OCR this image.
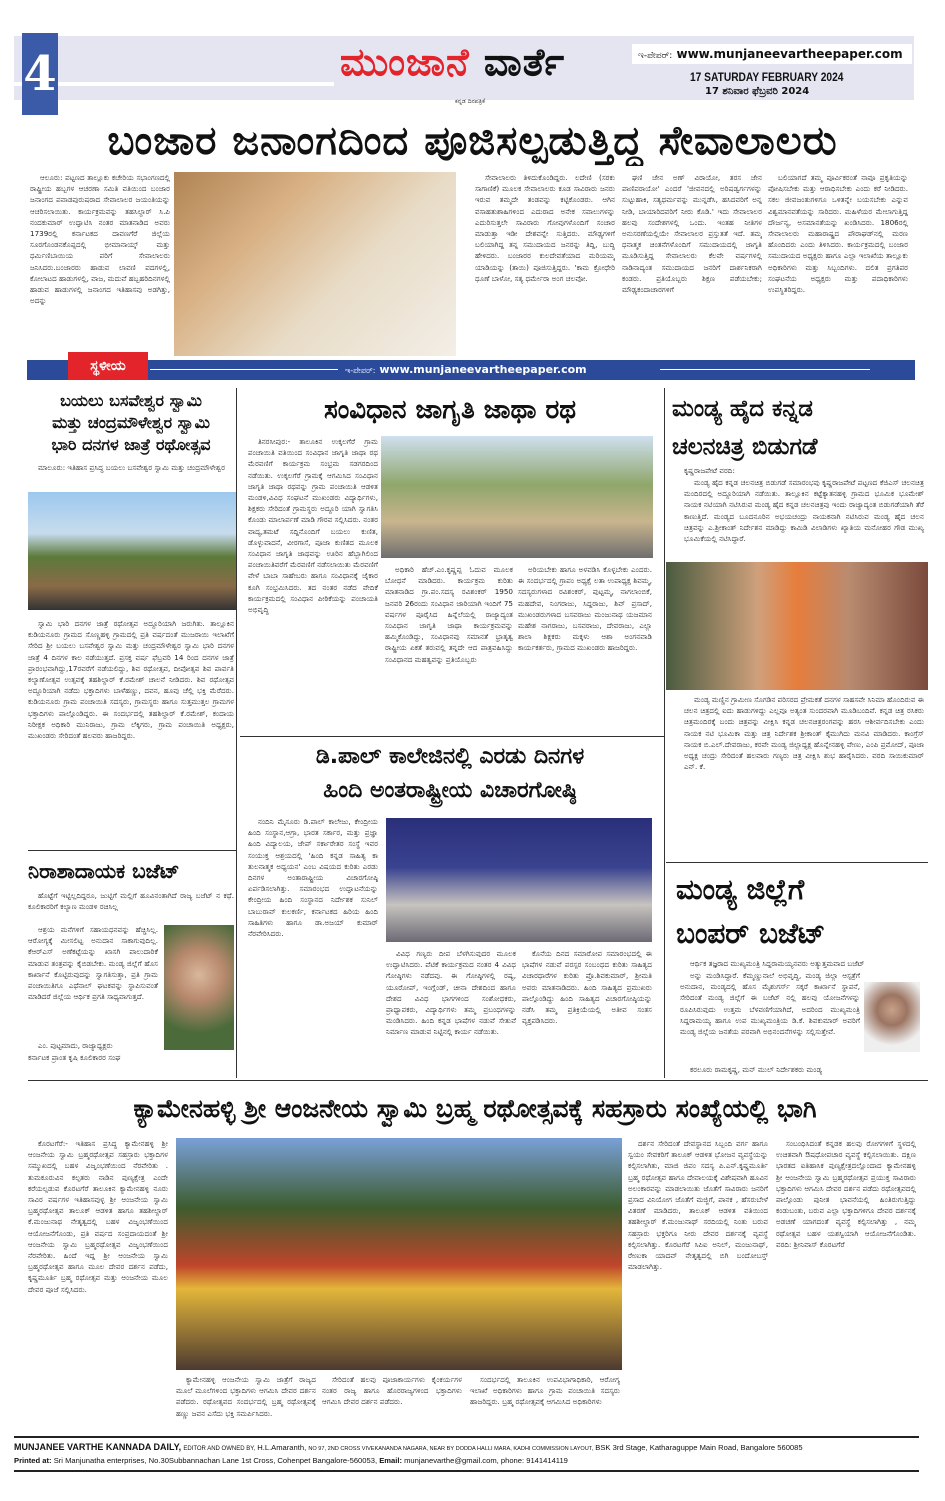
4	ಮುಂಜಾನೆ ವಾರ್ತೆ
ಕನ್ನಡ ದಿನಪತ್ರಿಕೆ
ಇ-ಪೇಪರ್: www.munjaneevartheepaper.com
17 SATURDAY FEBRUARY 2024
17 ಶನಿವಾರ ಫೆಬ್ರವರಿ 2024
ಬಂಜಾರ ಜನಾಂಗದಿಂದ ಪೂಜಿಸಲ್ಪಡುತ್ತಿದ್ದ ಸೇವಾಲಾಲರು

ಆಲೂರು: ಪಟ್ಟಣದ ತಾಲ್ಲೂಕು ಕಚೇರಿಯ ಸಭಾಂಗಣದಲ್ಲಿ ರಾಷ್ಟ್ರೀಯ ಹಬ್ಬಗಳ ಆಚರಣಾ ಸಮಿತಿ ವತಿಯಿಂದ ಬಂಜಾರ ಜನಾಂಗದ ಪವಾಡಪುರುಷರಾದ ಸೇವಾಲಾಲರ ಜಯಂತಿಯನ್ನು ಆಚರಿಸಲಾಯಿತು. ಕಾರ್ಯಕ್ರಮವನ್ನು ತಹಸಿಲ್ದಾರ್ ಸಿ.ಪಿ ನಂದಕುಮಾರ್ ಉದ್ಘಾಟಿಸಿ ನಂತರ ಮಾತನಾಡಿದ ಅವರು 1739ರಲ್ಲಿ ಕರ್ನಾಟಕದ ದಾವಣಗೆರೆ ಜಿಲ್ಲೆಯ ಸೂರಗೊಂಡನಕೊಪ್ಪದಲ್ಲಿ ಭೀಮಾನಾಯ್ಕ್ ಮತ್ತು ಧರ್ಮಿಣಿಬಾಯಿಯ ಪರಿಗೆ ಸೇವಾಲಾಲರು ಜನಿಸಿದರು.ಬಂಜಾರರು ಹಾಡುವ ಲಾವಣಿ ಪದಗಳಲ್ಲಿ, ಕೋಲಾಟದ ಹಾಡುಗಳಲ್ಲಿ, ವಾಜ, ಮದುವೆ ಹಬ್ಬಹರಿದಿನಗಳಲ್ಲಿ ಹಾಡುವ ಹಾಡುಗಳಲ್ಲಿ ಜನಾಂಗದ ಇತಿಹಾಸವು ಅಡಗಿತ್ತು, ಅದನ್ನು

ಸೇವಾಲಾಲರು ತಿಳಿದುಕೊಂಡಿದ್ದರು. ಲದೇಣಿ (ಸರಕು ಸಾಗಾಣಿಕೆ) ಮೂಲಕ ಸೇವಾಲಾಲರು ಕೂಡ ಸಾವಿರಾರು ಜನರು ಇರುವ ತಮ್ಮದೇ ತಂಡವನ್ನು ಕಟ್ಟಿಕೊಂಡರು. ಆಗಿನ ವಸಾಹತುಶಾಹಿಗಳಿಂದ ಎದುರಾದ ಅನೇಕ ಸವಾಲುಗಳನ್ನು ಎದುರಿಸುತ್ತಲೇ ಸಾವಿರಾರು ಗೋವುಗಳೊಂದಿಗೆ ಸಂಚಾರ ಮಾಡುತ್ತಾ ಇಡೀ ದೇಶವನ್ನೇ ಸುತ್ತಿದರು. ಮೌಢ್ಯಗಳಿಗೆ ಬಲಿಯಾಗಿದ್ದ ತನ್ನ ಸಮುದಾಯದ ಜನರನ್ನು ತಿದ್ದಿ, ಬುದ್ಧಿ ಹೇಳಿದರು. ಬಂಜಾರರ ಕುಲದೇವತೆಯಾದ ಮರಿಯಮ್ಮ ಯಾಡಿಯನ್ನು (ತಾಯಿ) ಪೂಜಿಸುತ್ತಿದ್ದರು. 'ಕಾಮ ಕ್ರೋಧೇರಿ ಧೂಣೆ ಬಾಳೋ, ಸತ್ಯ ಧರ್ಮೇರಾ ಅಂಗ ಚಲವೋ.

ಘಣಿ ಜೇನ ಅಣ್ ವಿರಾಯೋ, ತರಸ ಜೇನ ಪಾಣಿಪರಾಯೋ' ಎಂದರೆ 'ಜೀವನದಲ್ಲಿ ಅರಿಷಡ್ವರ್ಗಗಳನ್ನು ಸುಟ್ಟುಹಾಕಿ, ಸತ್ಯಧರ್ಮವನ್ನು ಮುನ್ನಡೆಸಿ, ಹಸಿದವರಿಗೆ ಅನ್ನ ನೀಡಿ, ಬಾಯಾರಿದವರಿಗೆ ನೀರು ಕೊಡಿ.' ಇದು ಸೇವಾಲಾಲರ ಹಲವು ಸಂದೇಶಗಳಲ್ಲಿ ಒಂದು. ಇಂತಹ ನೀತಿಗಳ ಅನುಸರಣೆಯಲ್ಲಿಯೇ ಸೇವಾಲಾಲರ ಪ್ರಸ್ತುತತೆ ಇದೆ. ತಮ್ಮ ಧನಾತ್ಮಕ ಚಿಂತನೆಗಳೊಂದಿಗೆ ಸಮುದಾಯದಲ್ಲಿ ಜಾಗೃತಿ ಮೂಡಿಸುತ್ತಿದ್ದ ಸೇವಾಲಾಲರು ಕೆಲವೇ ವರ್ಷಗಳಲ್ಲಿ ನಾಡಿನಾದ್ಯಂತ ಸಮುದಾಯದ ಜನರಿಗೆ ದಾರ್ಶನಿಕರಾಗಿ ಕಂಡರು. ಪ್ರತಿಯೊಬ್ಬರು ಶಿಕ್ಷಣ ಪಡೆಯಬೇಕು; ಮೌಢ್ಯಕಂದಾಚಾರಗಳಿಗೆ

ಬಲಿಯಾಗದೆ ತಮ್ಮ ಪೂರ್ವಿಕರಂತೆ ನಾವೂ ಪ್ರಕೃತಿಯನ್ನು ಪೋಷಿಸಬೇಕು ಮತ್ತು ಆರಾಧಿಸಬೇಕು ಎಂದು ಕರೆ ನೀಡಿದರು. ಸಕಲ ಜೀವಜಂತುಗಳಿಗೂ ಒಳಿತನ್ನೇ ಬಯಸಬೇಕು ಎನ್ನುವ ವಿಶ್ವಮಾನವತೆಯನ್ನು ಸಾರಿದರು. ಮಹಿಳೆಯರ ಮೇಲಾಗುತ್ತಿದ್ದ ದೌರ್ಜನ್ಯ, ಅಸಮಾನತೆಯನ್ನು ಖಂಡಿಸಿದರು. 1806ರಲ್ಲಿ ಸೇವಾಲಾಲರು ಮಹಾರಾಷ್ಟ್ರದ ಪೌರಾಘಡ್‌ನಲ್ಲಿ ಮರಣ ಹೊಂದಿದರು ಎಂದು ತಿಳಿಸಿದರು. ಕಾರ್ಯಕ್ರಮದಲ್ಲಿ ಬಂಜಾರ ಸಮುದಾಯದ ಅಧ್ಯಕ್ಷರು ಹಾಗೂ ಎಲ್ಲಾ ಇಲಾಖೆಯ ತಾಲ್ಲೂಕು ಅಧಿಕಾರಿಗಳು ಮತ್ತು ಸಿಬ್ಬಂದಿಗಳು. ದಲಿತ ಪ್ರಗತಿಪರ ಸಂಘಟನೆಯ ಅಧ್ಯಕ್ಷರು ಮತ್ತು ಪದಾಧಿಕಾರಿಗಳು ಉಪಸ್ಥಿತರಿದ್ದರು.

ಸ್ಥಳೀಯ	ಇ-ಪೇಪರ್: www.munjaneevartheepaper.com
ಬಯಲು ಬಸವೇಶ್ವರ ಸ್ವಾಮಿ
ಮತ್ತು ಚಂದ್ರಮೌಳೇಶ್ವರ ಸ್ವಾಮಿ
ಭಾರಿ ದನಗಳ ಜಾತ್ರೆ ರಥೋತ್ಸವ

ಮಾಲೂರು: ಇತಿಹಾಸ ಪ್ರಸಿದ್ಧ ಬಯಲು ಬಸವೇಶ್ವರ ಸ್ವಾಮಿ ಮತ್ತು ಚಂದ್ರಮೌಳೇಶ್ವರ

ಸ್ವಾಮಿ ಭಾರಿ ದನಗಳ ಜಾತ್ರೆ ರಥೋತ್ಸವ ಅದ್ದೂರಿಯಾಗಿ ಜರುಗಿತು. ತಾಲ್ಲೂಕಿನ ಕುಡಿಯನೂರು ಗ್ರಾಮದ ಸೊಣ್ಣಹಳ್ಳಿ ಗ್ರಾಮದಲ್ಲಿ ಪ್ರತಿ ವರ್ಷದಂತೆ ಮುಜರಾಯಿ ಇಲಾಖೆಗೆ ಸೇರಿದ ಶ್ರೀ ಬಯಲು ಬಸವೇಶ್ವರ ಸ್ವಾಮಿ ಮತ್ತು ಚಂದ್ರಮೌಳೇಶ್ವರ ಸ್ವಾಮಿ ಭಾರಿ ದನಗಳ ಜಾತ್ರೆ 4 ದಿನಗಳ ಕಾಲ ನಡೆಯುತ್ತದೆ. ಪ್ರಸಕ್ತ ವರ್ಷ ಫೆಬ್ರವರಿ 14 ರಿಂದ ದನಗಳ ಜಾತ್ರೆ ಪ್ರಾರಂಭವಾಗಿದ್ದು,17ರವರೆಗೆ ನಡೆಯಲಿದ್ದು, ಶಿವ ರಥೋತ್ಸವ, ದೀಪೋತ್ಸವ ಶಿವ ಪಾರ್ವತಿ ಕಲ್ಯಾಣೋತ್ಸವ ಉತ್ಸವಕ್ಕೆ ತಹಶಿಲ್ದಾರ್ ಕೆ.ರಮೇಶ್ ಚಾಲನೆ ನೀಡಿದರು. ಶಿವ ರಥೋತ್ಸವ ಅದ್ದೂರಿಯಾಗಿ ನಡೆದು ಭಕ್ತಾದಿಗಳು ಬಾಳೆಹಣ್ಣು, ದವನ, ಹೂವು ಚೆಲ್ಲಿ ಭಕ್ತಿ ಮೆರೆದರು. ಕುಡಿಯನೂರು ಗ್ರಾಮ ಪಂಚಾಯಿತಿ ಸದಸ್ಯರು, ಗ್ರಾಮಸ್ಥರು ಹಾಗೂ ಸುತ್ತಮುತ್ತಲ ಗ್ರಾಮಗಳ ಭಕ್ತಾದಿಗಳು ಪಾಲ್ಗೊಂಡಿದ್ದರು. ಈ ಸಂದರ್ಭದಲ್ಲಿ ತಹಶಿಲ್ದಾರ್ ಕೆ.ರಮೇಶ್, ಕಂದಾಯ ನಿರೀಕ್ಷಕ ಅಧಿಕಾರಿ ಮುನಿರಾಜು, ಗ್ರಾಮ ಲೆಕ್ಕಿಗರು, ಗ್ರಾಮ ಪಂಚಾಯಿತಿ ಅಧ್ಯಕ್ಷರು, ಮುಖಂಡರು ಸೇರಿದಂತೆ ಹಲವರು ಹಾಜರಿದ್ದರು.

ನಿರಾಶಾದಾಯಕ ಬಜೆಟ್

ಹೊಟ್ಟೆಗೆ ಇಟ್ಟಿಲ್ಲದಿದ್ದರೂ, ಜುಟ್ಟಿಗೆ ಮಲ್ಲಿಗೆ ಹೂವಿನಂತಾಗಿದೆ ರಾಜ್ಯ ಬಜೆಟ್ ನ ಕಥೆ. ಕೂಲಿಕಾರರಿಗೆ ಕಲ್ಯಾಣ ಮಂಡಳಿ ರಚಿಸಿಲ್ಲ

ಆಶ್ರಯ ಮನೆಗಳಿಗೆ ಸಹಾಯಧನವನ್ನು ಹೆಚ್ಚಿಸಿಲ್ಲ. ಆರೋಗ್ಯಕ್ಕೆ ಮೀಸಲಿಟ್ಟ ಅನುದಾನ ಸಾಕಾಗುವುದಿಲ್ಲ. ಕೆಆರ್‌ಎಸ್ ಅಣೆಕಟ್ಟೆಯನ್ನು ಖಾಸಗಿ ಪಾಲುದಾರಿಕೆ ಮಾಡುವ ತಂತ್ರವನ್ನು ಕೈಬಿಡಬೇಕು. ಮಂಡ್ಯ ಜಿಲ್ಲೆಗೆ ಹೊಸ ಕಾರ್ಖಾನೆ ಕೊಟ್ಟಿರುವುದನ್ನು ಸ್ವಾಗತಿಸುತ್ತಾ, ಪ್ರತಿ ಗ್ರಾಮ ಪಂಚಾಯಿತಿಗೂ ಎಥೆನಾಲ್ ಘಟಕವನ್ನು ಸ್ಥಾಪಿಸುವಂತೆ ಮಾಡಿದರೆ ಜಿಲ್ಲೆಯ ಆರ್ಥಿಕ ಪ್ರಗತಿ ಸಾಧ್ಯವಾಗುತ್ತದೆ.

ಎಂ. ಪುಟ್ಟಮಾದು, ರಾಜ್ಯಾಧ್ಯಕ್ಷರು

ಕರ್ನಾಟಕ ಪ್ರಾಂತ ಕೃಷಿ ಕೂಲಿಕಾರರ ಸಂಘ

ಸಂವಿಧಾನ ಜಾಗೃತಿ ಜಾಥಾ ರಥ

ತಿನರಸೀಪುರ:- ತಾಲೂಕಿನ ಉಕ್ಕಲಗೆರೆ ಗ್ರಾಮ ಪಂಚಾಯಿತಿ ವತಿಯಿಂದ ಸಂವಿಧಾನ ಜಾಗೃತಿ ಜಾಥಾ ರಥ ಮೆರವಣಿಗೆ ಕಾರ್ಯಕ್ರಮ ಸಂಭ್ರಮ ಸಡಗರದಿಂದ ನಡೆಯಿತು. ಉಕ್ಕಲಗೆರೆ ಗ್ರಾಮಕ್ಕೆ ಆಗಮಿಸಿದ ಸಂವಿಧಾನ ಜಾಗೃತಿ ಜಾಥಾ ರಥವನ್ನು ಗ್ರಾಮ ಪಂಚಾಯಿತಿ ಆಡಳಿತ ಮಂಡಳಿ,ವಿವಿಧ ಸಂಘಟನೆ ಮುಖಂಡರು ವಿದ್ಯಾರ್ಥಿಗಳು, ಶಿಕ್ಷಕರು ಸೇರಿದಂತೆ ಗ್ರಾಮಸ್ಥರು ಅದ್ದೂರಿ ಯಾಗಿ ಸ್ವಾಗತಿಸಿ ಕೊಂಡು ಮಾಲಾರ್ಪಣೆ ಮಾಡಿ ಗೌರವ ಸಲ್ಲಿಸಿದರು. ನಂತರ ವಾದ್ಯ,ತಮಟೆ ಸದ್ದಿನೊಂದಿಗೆ ಬಯಲು ಕುಣಿತ, ಡೊಳ್ಳುವಾದನೆ, ವೀರಗಾಸೆ, ಪೂಜಾ ಕುಣಿತದ ಮೂಲಕ ಸಂವಿಧಾನ ಜಾಗೃತಿ ಜಾಥವನ್ನು ಊರಿನ ಹೆಬ್ಬಾಗಿಲಿಂದ ಪಂಚಾಯಿತಿವರೆಗೆ ಮೆರವಣಿಗೆ ನಡೆಸಲಾಯಿತು ಮೆರವಣಿಗೆ ವೇಳೆ ಬಾಬಾ ಸಾಹೇಬರು ಹಾಗೂ ಸಂವಿಧಾನಕ್ಕೆ ಜೈಕಾರ ಕೂಗಿ ಸಂಭ್ರಮಿಸಿದರು. ತದ ನಂತರ ನಡೆದ ವೇದಿಕೆ ಕಾರ್ಯಕ್ರಮದಲ್ಲಿ ಸಂವಿಧಾನ ಪೀಠಿಕೆಯನ್ನು ಪಂಚಾಯತಿ ಅಭಿವೃದ್ಧಿ

ಅಧಿಕಾರಿ ಹೆಚ್.ಎಂ.ಕೃಷ್ಣಪ್ಪ ಓದುವ ಮೂಲಕ ಬೋಧನೆ ಮಾಡಿದರು. ಕಾರ್ಯಕ್ರಮ ಕುರಿತು ಮಾತನಾಡಿದ ಗ್ರಾ.ಪಂ.ಸದಸ್ಯ ರವಿಶಂಕರ್ 1950 ಜನವರಿ 26ರಂದು ಸಂವಿಧಾನ ಜಾರಿಯಾಗಿ ಇಂದಿಗೆ 75 ವರ್ಷಗಳ ಪೂರೈಸಿದ ಹಿನ್ನೆಲೆಯಲ್ಲಿ ರಾಜ್ಯಾದ್ಯಂತ ಸಂವಿಧಾನ ಜಾಗೃತಿ ಜಾಥಾ ಕಾರ್ಯಕ್ರಮವನ್ನು ಹಮ್ಮಿಕೊಂಡಿದ್ದು, ಸಂವಿಧಾನವು ಸಮಾನತೆ ಭ್ರಾತೃತ್ವ ರಾಷ್ಟ್ರೀಯ ಏಕತೆ ತರುವಲ್ಲಿ ತನ್ನದೇ ಆದ ಪಾತ್ರವಹಿಸಿದ್ದು ಸಂವಿಧಾನದ ಮಹತ್ವವನ್ನು ಪ್ರತಿಯೊಬ್ಬರು

ಅರಿಯಬೇಕು ಹಾಗೂ ಅಳವಡಿಸಿ ಕೊಳ್ಳಬೇಕು ಎಂದರು. ಈ ಸಂದರ್ಭದಲ್ಲಿ ಗ್ರಾಪಂ ಅಧ್ಯಕ್ಷೆ ಲತಾ ಉಪಾಧ್ಯಕ್ಷ ಶಿವಮ್ಮ, ಸದಸ್ಯರುಗಳಾದ ರವಿಶಂಕರ್, ಪುಟ್ಟಮ್ಮ, ನಾಗಲಾಂಬಿಕೆ, ಮಹದೇವ, ನಿಂಗರಾಜು, ಸಿದ್ದರಾಜು, ಶಿವ್ ಪ್ರಸಾದ್, ಮುಖಂಡರುಗಳಾದ ಬಸವರಾಜು ಮಂಜುನಾಥ ಯಜಮಾನ ಮಹೇಶ ನಾಗರಾಜು, ಬಸವರಾಜು, ದೇವರಾಜು, ಎಲ್ಲಾ ಶಾಲಾ ಶಿಕ್ಷಕರು ಮಕ್ಕಳು ಆಶಾ ಅಂಗನವಾಡಿ ಕಾರ್ಯಕರ್ತರು, ಗ್ರಾಮದ ಮುಖಂಡರು ಹಾಜರಿದ್ದರು.

ಡಿ.ಪಾಲ್ ಕಾಲೇಜಿನಲ್ಲಿ ಎರಡು ದಿನಗಳ
ಹಿಂದಿ ಅಂತರಾಷ್ಟ್ರೀಯ ವಿಚಾರಗೋಷ್ಠಿ

ನಂದಿನಿ ಮೈಸೂರು ಡಿ.ಪಾಲ್ ಕಾಲೇಜು, ಕೇಂದ್ರೀಯ ಹಿಂದಿ ಸಂಸ್ಥಾನ,ಆಗ್ರಾ, ಭಾರತ ಸರ್ಕಾರ, ಮತ್ತು ಪ್ರಜ್ಞಾ ಹಿಂದಿ ವಿದ್ಯಾಲಯ, ಜೇಪ್ ಸರ್ಕಾರೇತರ ಸಂಸ್ಥೆ ಇವರ ಸಂಯುಕ್ತ ಆಶ್ರಯದಲ್ಲಿ 'ಹಿಂದಿ ಕನ್ನಡ ಸಾಹಿತ್ಯ ಕಾ ತುಲನಾತ್ಮಕ ಅಧ್ಯಯನ' ಎಂಬ ವಿಷಯದ ಕುರಿತು ಎರಡು ದಿನಗಳ ಅಂತಾರಾಷ್ಟ್ರೀಯ ವಿಚಾರಗೋಷ್ಠಿ ಏರ್ಪಡಿಸಲಾಗಿತ್ತು. ಸಮಾರಂಭದ ಉದ್ಘಾಟನೆಯನ್ನು ಕೇಂದ್ರೀಯ ಹಿಂದಿ ಸಂಸ್ಥಾನದ ನಿರ್ದೇಶಕ ಸುನಿಲ್ ಬಾಬುರಾವ್ ಕುಲಕರ್ಣಿ, ಕರ್ನಾಟಕದ ಹಿರಿಯ ಹಿಂದಿ ಸಾಹಿತಿಗಳು ಹಾಗೂ ಡಾ.ಅಜಯ್ ಕುಮಾರ್ ನೆರವೇರಿಸಿದರು.

ವಿವಿಧ ಗಣ್ಯರು ದೀಪ ಬೆಳಗಿಸುವುದರ ಮೂಲಕ ಉದ್ಘಾಟಿಸಿದರು. ಪೆಟಿಕೆ ಕಾರ್ಯಕ್ರಮದ ನಂತರ 4 ವಿವಿಧ ಗೋಷ್ಠಿಗಳು ನಡೆದವು. ಈ ಗೋಷ್ಠಿಗಳಲ್ಲಿ ರಷ್ಯ, ಯೂರೋಪ್, ಇಂಗ್ಲೆಂಡ್, ಚೀನಾ ದೇಶದಿಂದ ಹಾಗೂ ದೇಶದ ವಿವಿಧ ಭಾಗಗಳಿಂದ ಸಂಶೋಧಕರು, ಪ್ರಾಧ್ಯಾಪಕರು, ವಿದ್ಯಾರ್ಥಿಗಳು ತಮ್ಮ ಪ್ರಬಂಧಗಳನ್ನು ಮಂಡಿಸಿದರು. ಹಿಂದಿ ಕನ್ನಡ ಭಾಷೆಗಳ ನಡುವೆ ಸೇತುವೆ ನಿರ್ಮಾಣ ಮಾಡುವ ನಿಟ್ಟಿನಲ್ಲಿ ಕಾರ್ಯ ನಡೆಯಿತು.

ಕೊನೆಯ ದಿನದ ಸಮಾರೋಪ ಸಮಾರಂಭದಲ್ಲಿ ಈ ಭಾಷೆಗಳ ನಡುವೆ ಪರಸ್ಪರ ಸಂಬಂಧದ ಕುರಿತು ಸಾಹಿತ್ಯದ ವಿಚಾರಧಾರೆಗಳ ಕುರಿತು ಪ್ರೊ.ಶಿವಕುಮಾರ್, ಶ್ರೀಮತಿ ಅವರು ಮಾತನಾಡಿದರು. ಹಿಂದಿ ಸಾಹಿತ್ಯದ ಪ್ರಮುಖರು ಪಾಲ್ಗೊಂಡಿದ್ದು ಹಿಂದಿ ಸಾಹಿತ್ಯದ ವಿಚಾರಗೋಷ್ಠಿಯನ್ನು ನಡೆಸಿ ತಮ್ಮ ಪ್ರತಿಕ್ರಿಯೆಯಲ್ಲಿ ಅತೀವ ಸಂತಸ ವ್ಯಕ್ತಪಡಿಸಿದರು.

ಮಂಡ್ಯ ಹೈದ ಕನ್ನಡ
ಚಲನಚಿತ್ರ ಬಿಡುಗಡೆ

ಕೃಷ್ಣರಾಜಪೇಟೆ ವರದಿ:

ಮಂಡ್ಯ ಹೈದ ಕನ್ನಡ ಚಲನಚಿತ್ರ ಬಿಡುಗಡೆ ಸಮಾರಂಭವು ಕೃಷ್ಣರಾಜಪೇಟೆ ಪಟ್ಟಣದ ಕೆಜಿಎಸ್ ಚಲನಚಿತ್ರ ಮಂದಿರದಲ್ಲಿ ಅದ್ದೂರಿಯಾಗಿ ನಡೆಯಿತು. ತಾಲ್ಲೂಕಿನ ಕಟ್ಟೆಕ್ಯಾತನಹಳ್ಳಿ ಗ್ರಾಮದ ಭೂಮಿಕ ಭೂಮೇಶ್ ನಾಯಕ ನಟಿಯಾಗಿ ನಟಿಸಿರುವ ಮಂಡ್ಯ ಹೈದ ಕನ್ನಡ ಚಲನಚಿತ್ರವು ಇಂದು ರಾಜ್ಯಾದ್ಯಂತ ಬಿಡುಗಡೆಯಾಗಿ ತೆರೆ ಕಾಣುತ್ತಿದೆ. ಮಂಡ್ಯದ ಬೂದನೂರಿನ ಅಭಯಚಂದ್ರು ನಾಯಕನಾಗಿ ನಟಿಸಿರುವ ಮಂಡ್ಯ ಹೈದ ಚಲನ ಚಿತ್ರವನ್ನು ಎ.ಶ್ರೀಕಾಂತ್ ನಿರ್ದೇಶನ ಮಾಡಿದ್ದು ಕಾಮಿಡಿ ವಿಲಾಡಿಗಳು ಖ್ಯಾತಿಯ ಮನೋಹರ ಗೌಡ ಮುಖ್ಯ ಭೂಮಿಕೆಯಲ್ಲಿ ನಟಿಸಿದ್ದಾರೆ.

ಮಂಡ್ಯ ಮಣ್ಣಿನ ಗ್ರಾಮೀಣ ಸೊಗಡಿನ ಪರಿಸರದ ಪ್ರೇಮಕತೆ ದನಗಳ ಸಾಹಸವೇ ಸಿನಿಮಾ ಹೊಂದಿರುವ ಈ ಚಲನ ಚಿತ್ರದಲ್ಲಿ ಐದು ಹಾಡುಗಳಿದ್ದು ಎಲ್ಲವೂ ಅತ್ಯಂತ ಸುಂದರವಾಗಿ ಮೂಡಿಬಂದಿವೆ. ಕನ್ನಡ ಚಿತ್ರ ರಸಿಕರು ಚಿತ್ರಮಂದಿರಕ್ಕೆ ಬಂದು ಚಿತ್ರವನ್ನು ವೀಕ್ಷಿಸಿ ಕನ್ನಡ ಚಲನಚಿತ್ರರಂಗವನ್ನು ಹರಸಿ ಆಶೀರ್ವದಿಸಬೇಕು ಎಂದು ನಾಯಕ ನಟಿ ಭೂಮಿಕಾ ಮತ್ತು ಚಿತ್ರ ನಿರ್ದೇಶಕ ಶ್ರೀಕಾಂತ್ ಕೈಮುಗಿದು ಮನವಿ ಮಾಡಿದರು. ಕಾಂಗ್ರೆಸ್ ನಾಯಕ ಬಿ.ಎಲ್.ದೇವರಾಜು, ಕರವೇ ಮಂಡ್ಯ ಜಿಲ್ಲಾಧ್ಯಕ್ಷ ಹೊನ್ನೇನಹಳ್ಳಿ ವೇಣು, ಎಂಪಿ ಪ್ರಮೋದ್, ಪೂಜಾ ಅಧ್ಯಕ್ಷ ಚಂದ್ರು ಸೇರಿದಂತೆ ಹಲವಾರು ಗಣ್ಯರು ಚಿತ್ರ ವೀಕ್ಷಿಸಿ ಶುಭ ಹಾರೈಸಿದರು. ವರದಿ ಸಾಯಿಕುಮಾರ್ ಎನ್. ಕೆ.

ಮಂಡ್ಯ ಜಿಲ್ಲೆಗೆ
ಬಂಪರ್ ಬಜೆಟ್

ಆರ್ಥಿಕ ತಜ್ಞರಾದ ಮುಖ್ಯಮಂತ್ರಿ ಸಿದ್ದರಾಮಯ್ಯನವರು ಅತ್ಯುತ್ತಮವಾದ ಬಜೆಟ್

ಅನ್ನು ಮಂಡಿಸಿದ್ದಾರೆ. ಕೆಮ್ಮಣ್ಣುನಾಲೆ ಅಭಿವೃದ್ಧಿ, ಮಂಡ್ಯ ಜಿಲ್ಲಾ ಆಸ್ಪತ್ರೆಗೆ ಅನುದಾನ, ಮಂಡ್ಯದಲ್ಲಿ ಹೊಸ ಮೈಶುಗರ್ಸ್ ಸಕ್ಕರೆ ಕಾರ್ಖಾನೆ ಸ್ಥಾಪನೆ, ಸೇರಿದಂತೆ ಮಂಡ್ಯ ಜಿಲ್ಲೆಗೆ ಈ ಬಜೆಟ್ ನಲ್ಲಿ ಹಲವು ಯೋಜನೆಗಳನ್ನು ರೂಪಿಸಿರುವುದು ಉತ್ತಮ ಬೆಳವಣಿಗೆಯಾಗಿದೆ, ಅದರಿಂದ ಮುಖ್ಯಮಂತ್ರಿ ಸಿದ್ದರಾಮಯ್ಯ ಹಾಗೂ ಉಪ ಮುಖ್ಯಮಂತ್ರಿಯ ಡಿ.ಕೆ. ಶಿವಕುಮಾರ್ ಅವರಿಗೆ ಮಂಡ್ಯ ಜಿಲ್ಲೆಯ ಜನತೆಯ ಪರವಾಗಿ ಅಭಿನಂದನೆಗಳನ್ನು ಸಲ್ಲಿಸುತ್ತೇವೆ.

ಕರಲೂರು ರಾಮಕೃಷ್ಣ, ಮನ್ ಮುಲ್ ನಿರ್ದೇಶಕರು ಮಂಡ್ಯ

ಕ್ಯಾಮೇನಹಳ್ಳಿ ಶ್ರೀ ಆಂಜನೇಯ ಸ್ವಾಮಿ ಬ್ರಹ್ಮ ರಥೋತ್ಸವಕ್ಕೆ ಸಹಸ್ರಾರು ಸಂಖ್ಯೆಯಲ್ಲಿ ಭಾಗಿ

ಕೊರಟಗೆರೆ:- ಇತಿಹಾಸ ಪ್ರಸಿದ್ಧ ಕ್ಯಾಮೇನಹಳ್ಳಿ ಶ್ರೀ ಆಂಜನೇಯ ಸ್ವಾಮಿ ಬ್ರಹ್ಮರಥೋತ್ಸವ ಸಹಸ್ರಾರು ಭಕ್ತಾದಿಗಳ ಸಮ್ಮುಖದಲ್ಲಿ ಬಹಳ ವಿಜೃಂಭಣೆಯಿಂದ ನೆರವೇರಿತು . ತುಮಕೂರುವಿನ ಕಲ್ಪತರು ನಾಡಿನ ಪುಣ್ಯಕ್ಷೇತ್ರ ಎಂದೇ ಕರೆಯಲ್ಪಡುವ ಕೊರಟಗೆರೆ ತಾಲೂಕಿನ ಕ್ಯಾಮೇನಹಳ್ಳಿ ನೂರು ಸಾವಿರ ವರ್ಷಗಳ ಇತಿಹಾಸವುಳ್ಳ ಶ್ರೀ ಆಂಜನೇಯ ಸ್ವಾಮಿ ಬ್ರಹ್ಮರಥೋತ್ಸವ ತಾಲೂಕ್ ಆಡಳಿತ ಹಾಗೂ ತಹಶೀಲ್ದಾರ್ ಕೆ.ಮಂಜುನಾಥ ನೇತೃತ್ವದಲ್ಲಿ ಬಹಳ ವಿಜೃಂಭಣೆಯಿಂದ ಆಯೋಜನೆಗೊಂಡು, ಪ್ರತಿ ವರ್ಷದ ಸಂಪ್ರದಾಯದಂತೆ ಶ್ರೀ ಆಂಜನೇಯ ಸ್ವಾಮಿ ಬ್ರಹ್ಮರಥೋತ್ಸವ ವಿಜೃಂಭಣೆಯಿಂದ ನೆರವೇರಿತು. ಹಿಂದೆ ಇದ್ದ ಶ್ರೀ ಆಂಜನೇಯ ಸ್ವಾಮಿ ಬ್ರಹ್ಮರಥೋತ್ಸವ ಹಾಗೂ ಮೂಲ ದೇವರ ದರ್ಶನ ಪಡೆದು, ಕೃಷ್ಣಮೂರ್ತಿ ಬ್ರಹ್ಮ ರಥೋತ್ಸವ ಮತ್ತು ಆಂಜನೇಯ ಮೂಲ ದೇವರ ಪೂಜೆ ಸಲ್ಲಿಸಿದರು.

ಕ್ಯಾಮೇನಹಳ್ಳಿ ಆಂಜನೇಯ ಸ್ವಾಮಿ ಜಾತ್ರೆಗೆ ರಾಜ್ಯದ ಮೂಲೆ ಮೂಲೆಗಳಿಂದ ಭಕ್ತಾದಿಗಳು ಆಗಮಿಸಿ ದೇವರ ದರ್ಶನ ಪಡೆದರು. ರಥೋತ್ಸವದ ಸಂದರ್ಭದಲ್ಲಿ ಬ್ರಹ್ಮ ರಥೋತ್ಸವಕ್ಕೆ ಹಣ್ಣು ಜವನ ಎಸೆದು ಭಕ್ತಿ ಸಮರ್ಪಿಸಿದರು.

ಸೇರಿದಂತೆ ಹಲವು ಪೂಜಾಕಾರ್ಯಗಳು ಕೈಂಕರ್ಯಗಳ ನಂತರ ರಾಜ್ಯ ಹಾಗೂ ಹೊರರಾಜ್ಯಗಳಿಂದ ಭಕ್ತಾದಿಗಳು ಆಗಮಿಸಿ ದೇವರ ದರ್ಶನ ಪಡೆದರು.

ಸಂದರ್ಭದಲ್ಲಿ ತಾಲೂಕಿನ ಉಪವಿಭಾಗಾಧಿಕಾರಿ, ಆರೋಗ್ಯ ಇಲಾಖೆ ಅಧಿಕಾರಿಗಳು ಹಾಗೂ ಗ್ರಾಮ ಪಂಚಾಯಿತಿ ಸದಸ್ಯರು ಹಾಜರಿದ್ದರು. ಬ್ರಹ್ಮ ರಥೋತ್ಸವಕ್ಕೆ ಆಗಮಿಸಿದ ಅಧಿಕಾರಿಗಳು

ದರ್ಶನ ಸೇರಿದಂತೆ ದೇವಸ್ಥಾನದ ಸಿಬ್ಬಂದಿ ವರ್ಗ ಹಾಗೂ ಸ್ವಯಂ ಸೇವಕರಿಗೆ ತಾಲೂಕ್ ಆಡಳಿತ ಭೋಜನ ವ್ಯವಸ್ಥೆಯನ್ನು ಕಲ್ಪಿಸಲಾಗಿತು, ಮಾಜಿ ಜಿಪಂ ಸದಸ್ಯ ಪಿ.ಎನ್.ಕೃಷ್ಣಮೂರ್ತಿ ಬ್ರಹ್ಮ ರಥೋತ್ಸವ ಹಾಗೂ ದೇವಾಲಯಕ್ಕೆ ವಿಶೇಷವಾಗಿ ಹೂವಿನ ಅಲಂಕಾರವನ್ನು ಮಾಡಲಾಯಿತು ಜೊತೆಗೆ ಸಾವಿರಾರು ಜನರಿಗೆ ಪ್ರಸಾದ ವಿನಿಯೋಗ ಜೊತೆಗೆ ಮಜ್ಜಿಗೆ, ಪಾನಕ , ಹೆಸರುಬೇಳೆ ವಿತರಣೆ ಮಾಡಿದರು, ತಾಲೂಕ್ ಆಡಳಿತ ವತಿಯಿಂದ ತಹಶೀಲ್ದಾರ್ ಕೆ.ಮಂಜುನಾಥ್ ಸರದಿಯಲ್ಲಿ ನಿಂತು ಬರುವ ಸಹಸ್ರಾರು ಭಕ್ತರಿಗೂ ನೀರು ದೇವರ ದರ್ಶನಕ್ಕೆ ವ್ಯವಸ್ಥೆ ಕಲ್ಪಿಸಲಾಗಿತ್ತು. ಕೊರಟಗೆರೆ ಸಿಪಿಐ ಅನಿಲ್, ಮಂಜುನಾಥ್, ರೇಣುಕಾ ಯಾದವ್ ನೇತೃತ್ವದಲ್ಲಿ ಬಿಗಿ ಬಂದೋಬಸ್ತ್ ಮಾಡಲಾಗಿತ್ತು.

ಸಂಬಂಧಿಸಿದಂತೆ ಕನ್ನಡಕ ಹಲವು ರೋಗಗಳಿಗೆ ಸ್ಥಳದಲ್ಲಿ ಉಚಿತವಾಗಿ ಔಷಧೋಪಚಾರ ವ್ಯವಸ್ಥೆ ಕಲ್ಪಿಸಲಾಯಿತು. ದಕ್ಷಿಣ ಭಾರತದ ಐತಿಹಾಸಿಕ ಪುಣ್ಯಕ್ಷೇತ್ರದಲ್ಲೊಂದಾದ ಕ್ಯಾಮೇನಹಳ್ಳಿ ಶ್ರೀ ಆಂಜನೇಯ ಸ್ವಾಮಿ ಬ್ರಹ್ಮರಥೋತ್ಸವ ಪ್ರಯುಕ್ತ ಸಾವಿರಾರು ಭಕ್ತಾದಿಗಳು ಆಗಮಿಸಿ ದೇವರ ದರ್ಶನ ಪಡೆದು ರಥೋತ್ಸವದಲ್ಲಿ ಪಾಲ್ಗೊಂಡು ಪುನೀತ ಭಾವನೆಯಲ್ಲಿ ಹಿಂತಿರುಗುತ್ತಿದ್ದು ಕಂಡುಬಂತು, ಬರುವ ಎಲ್ಲಾ ಭಕ್ತಾದಿಗಳಿಗೂ ದೇವರ ದರ್ಶನಕ್ಕೆ ಅಡಚಣೆ ಯಾಗದಂತೆ ವ್ಯವಸ್ಥೆ ಕಲ್ಪಿಸಲಾಗಿತ್ತು , ನಮ್ಮ ರಥೋತ್ಸವ ಬಹಳ ಯಶಸ್ವಿಯಾಗಿ ಆಯೋಜನೆಗೊಂಡಿತು. ವರದಿ: ಶ್ರೀನಿವಾಸ್ ಕೊರಟಗೆರೆ

MUNJANEE VARTHE KANNADA DAILY, EDITOR AND OWNED BY, H.L.Amaranth, NO 97, 2ND CROSS VIVEKANANDA NAGARA, NEAR BY DODDA HALLI MARA, KADHI COMMISSION LAYOUT, BSK 3rd Stage, Katharaguppe Main Road, Bangalore 560085
Printed at: Sri Manjunatha enterprises, No.30Subbannachan Lane 1st Cross, Cohenpet Bangalore-560053, Email: munjanevarthe@gmail.com, phone: 9141414119
